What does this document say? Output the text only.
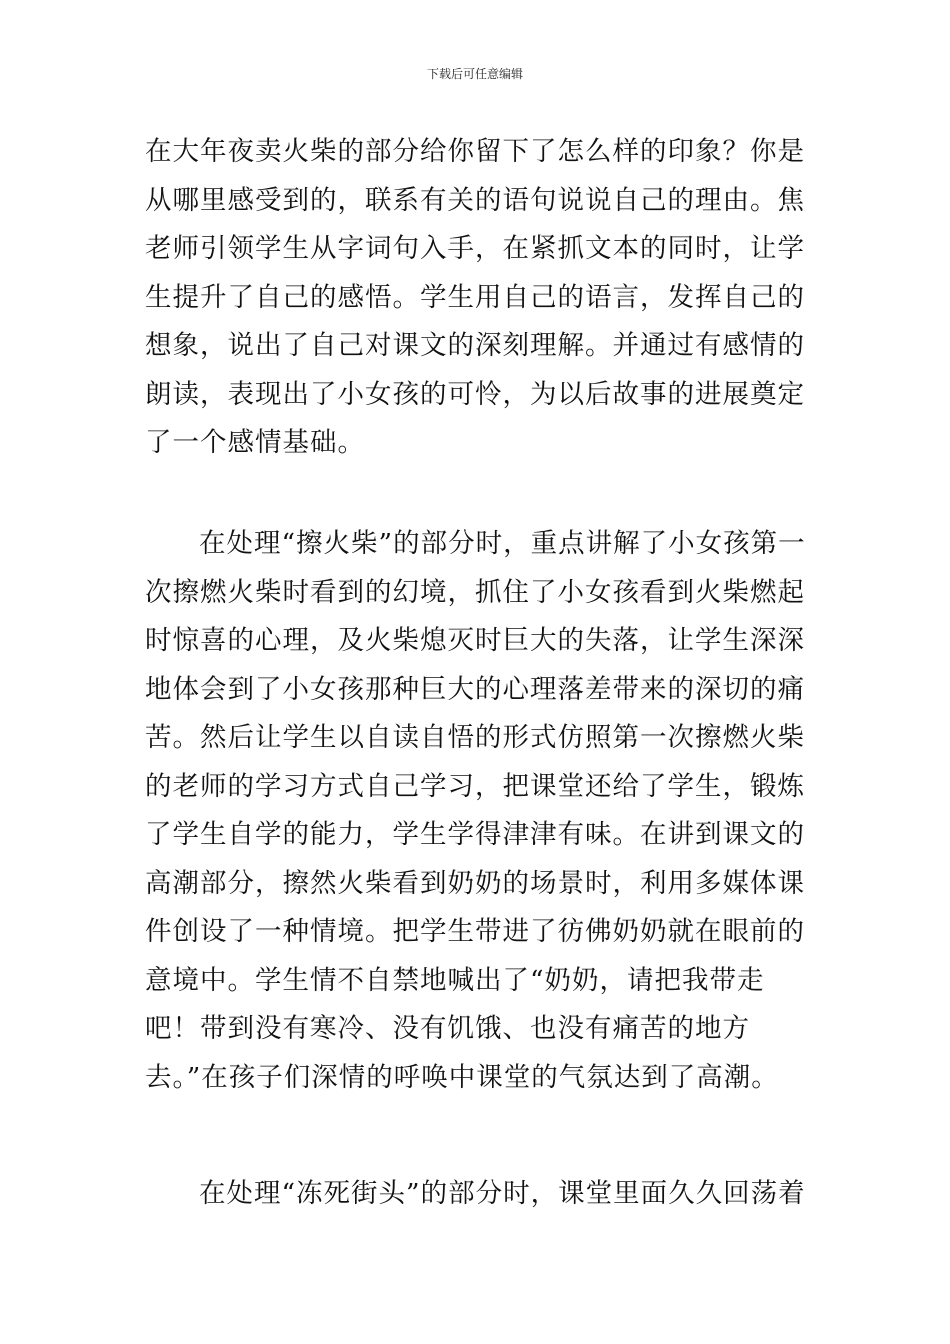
下载后可任意编辑
在大年夜卖火柴的部分给你留下了怎么样的印象？你是从哪里感受到的，联系有关的语句说说自己的理由。焦老师引领学生从字词句入手，在紧抓文本的同时，让学生提升了自己的感悟。学生用自己的语言，发挥自己的想象，说出了自己对课文的深刻理解。并通过有感情的朗读，表现出了小女孩的可怜，为以后故事的进展奠定了一个感情基础。
在处理“擦火柴”的部分时，重点讲解了小女孩第一次擦燃火柴时看到的幻境，抓住了小女孩看到火柴燃起时惊喜的心理，及火柴熄灭时巨大的失落，让学生深深地体会到了小女孩那种巨大的心理落差带来的深切的痛苦。然后让学生以自读自悟的形式仿照第一次擦燃火柴的老师的学习方式自己学习，把课堂还给了学生，锻炼了学生自学的能力，学生学得津津有味。在讲到课文的高潮部分，擦然火柴看到奶奶的场景时，利用多媒体课件创设了一种情境。把学生带进了彷佛奶奶就在眼前的意境中。学生情不自禁地喊出了“奶奶，请把我带走吧！带到没有寒冷、没有饥饿、也没有痛苦的地方去。”在孩子们深情的呼唤中课堂的气氛达到了高潮。
在处理“冻死街头”的部分时，课堂里面久久回荡着
